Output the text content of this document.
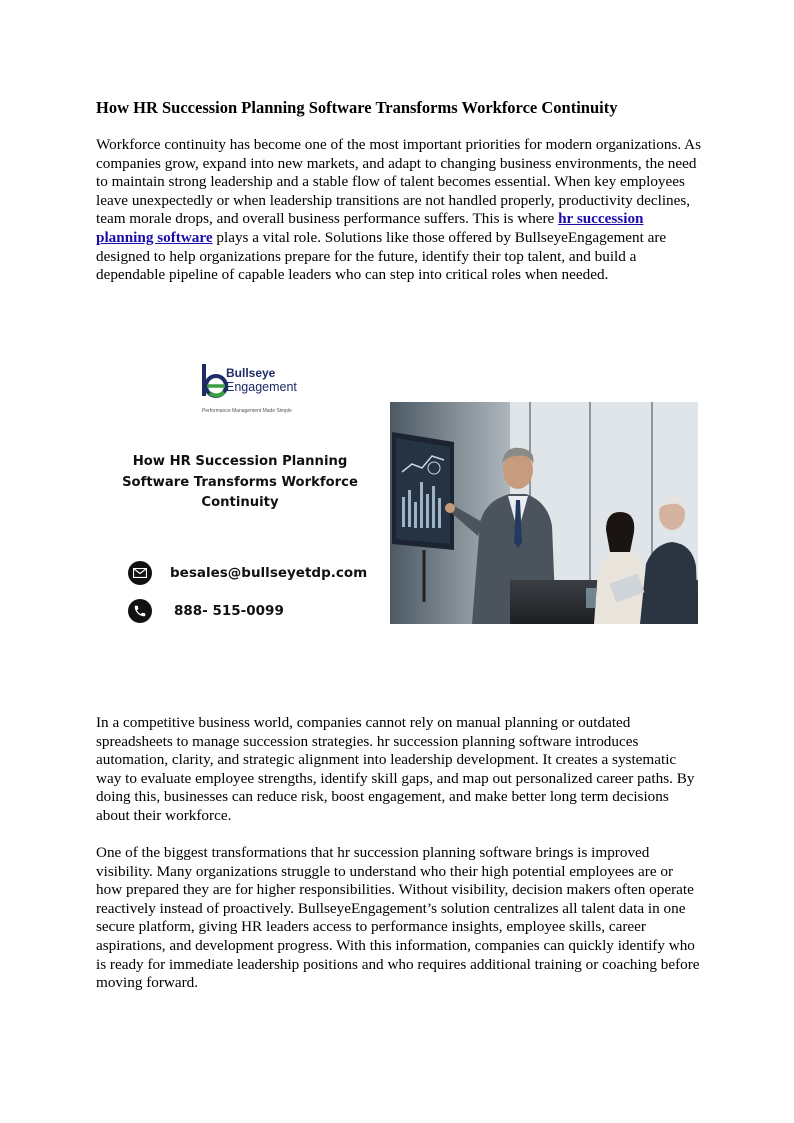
How HR Succession Planning Software Transforms Workforce Continuity

Workforce continuity has become one of the most important priorities for modern organizations. As companies grow, expand into new markets, and adapt to changing business environments, the need to maintain strong leadership and a stable flow of talent becomes essential. When key employees leave unexpectedly or when leadership transitions are not handled properly, productivity declines, team morale drops, and overall business performance suffers. This is where hr succession planning software plays a vital role. Solutions like those offered by BullseyeEngagement are designed to help organizations prepare for the future, identify their top talent, and build a dependable pipeline of capable leaders who can step into critical roles when needed.

Bullseye
Engagement
Performance Management Made Simple
How HR Succession Planning Software Transforms Workforce Continuity
besales@bullseyetdp.com
888- 515-0099

In a competitive business world, companies cannot rely on manual planning or outdated spreadsheets to manage succession strategies. hr succession planning software introduces automation, clarity, and strategic alignment into leadership development. It creates a systematic way to evaluate employee strengths, identify skill gaps, and map out personalized career paths. By doing this, businesses can reduce risk, boost engagement, and make better long term decisions about their workforce.

One of the biggest transformations that hr succession planning software brings is improved visibility. Many organizations struggle to understand who their high potential employees are or how prepared they are for higher responsibilities. Without visibility, decision makers often operate reactively instead of proactively. BullseyeEngagement’s solution centralizes all talent data in one secure platform, giving HR leaders access to performance insights, employee skills, career aspirations, and development progress. With this information, companies can quickly identify who is ready for immediate leadership positions and who requires additional training or coaching before moving forward.
